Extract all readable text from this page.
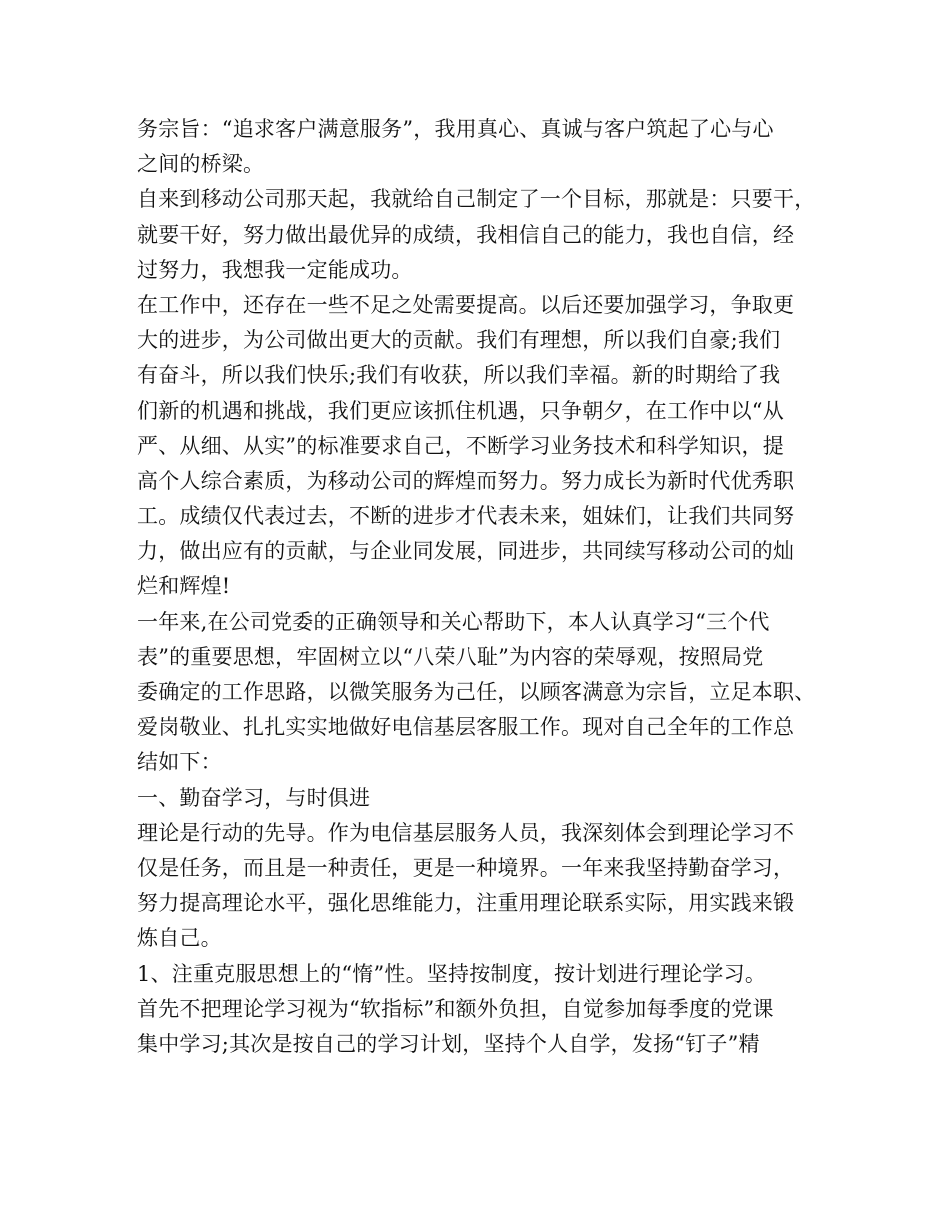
务宗旨：“追求客户满意服务”，我用真心、真诚与客户筑起了心与心
之间的桥梁。
自来到移动公司那天起，我就给自己制定了一个目标，那就是：只要干，
就要干好，努力做出最优异的成绩，我相信自己的能力，我也自信，经
过努力，我想我一定能成功。
在工作中，还存在一些不足之处需要提高。以后还要加强学习，争取更
大的进步，为公司做出更大的贡献。我们有理想，所以我们自豪;我们
有奋斗，所以我们快乐;我们有收获，所以我们幸福。新的时期给了我
们新的机遇和挑战，我们更应该抓住机遇，只争朝夕，在工作中以“从
严、从细、从实”的标准要求自己，不断学习业务技术和科学知识，提
高个人综合素质，为移动公司的辉煌而努力。努力成长为新时代优秀职
工。成绩仅代表过去，不断的进步才代表未来，姐妹们，让我们共同努
力，做出应有的贡献，与企业同发展，同进步，共同续写移动公司的灿
烂和辉煌!
一年来,在公司党委的正确领导和关心帮助下，本人认真学习“三个代
表”的重要思想，牢固树立以“八荣八耻”为内容的荣辱观，按照局党
委确定的工作思路，以微笑服务为己任，以顾客满意为宗旨，立足本职、
爱岗敬业、扎扎实实地做好电信基层客服工作。现对自己全年的工作总
结如下：
一、勤奋学习，与时俱进
理论是行动的先导。作为电信基层服务人员，我深刻体会到理论学习不
仅是任务，而且是一种责任，更是一种境界。一年来我坚持勤奋学习，
努力提高理论水平，强化思维能力，注重用理论联系实际，用实践来锻
炼自己。
1、注重克服思想上的“惰”性。坚持按制度，按计划进行理论学习。
首先不把理论学习视为“软指标”和额外负担，自觉参加每季度的党课
集中学习;其次是按自己的学习计划，坚持个人自学，发扬“钉子”精
